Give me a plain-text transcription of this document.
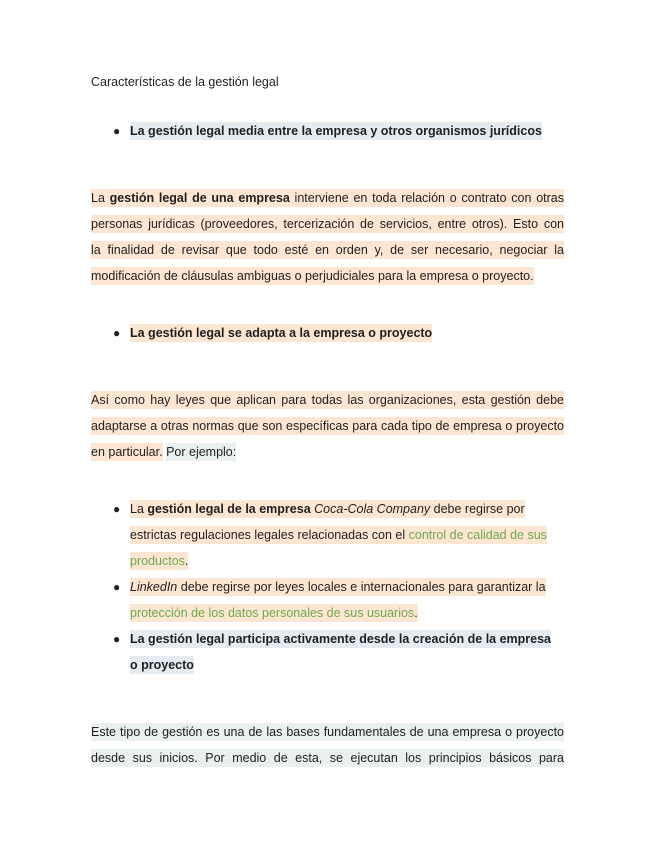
Características de la gestión legal
● La gestión legal media entre la empresa y otros organismos jurídicos
La gestión legal de una empresa interviene en toda relación o contrato con otras
personas jurídicas (proveedores, tercerización de servicios, entre otros). Esto con
la finalidad de revisar que todo esté en orden y, de ser necesario, negociar la
modificación de cláusulas ambiguas o perjudiciales para la empresa o proyecto.
● La gestión legal se adapta a la empresa o proyecto
Así como hay leyes que aplican para todas las organizaciones, esta gestión debe
adaptarse a otras normas que son específicas para cada tipo de empresa o proyecto
en particular. Por ejemplo:
● La gestión legal de la empresa Coca-Cola Company debe regirse por
estrictas regulaciones legales relacionadas con el control de calidad de sus
productos.
● LinkedIn debe regirse por leyes locales e internacionales para garantizar la
protección de los datos personales de sus usuarios.
● La gestión legal participa activamente desde la creación de la empresa
o proyecto
Este tipo de gestión es una de las bases fundamentales de una empresa o proyecto
desde sus inicios. Por medio de esta, se ejecutan los principios básicos para
